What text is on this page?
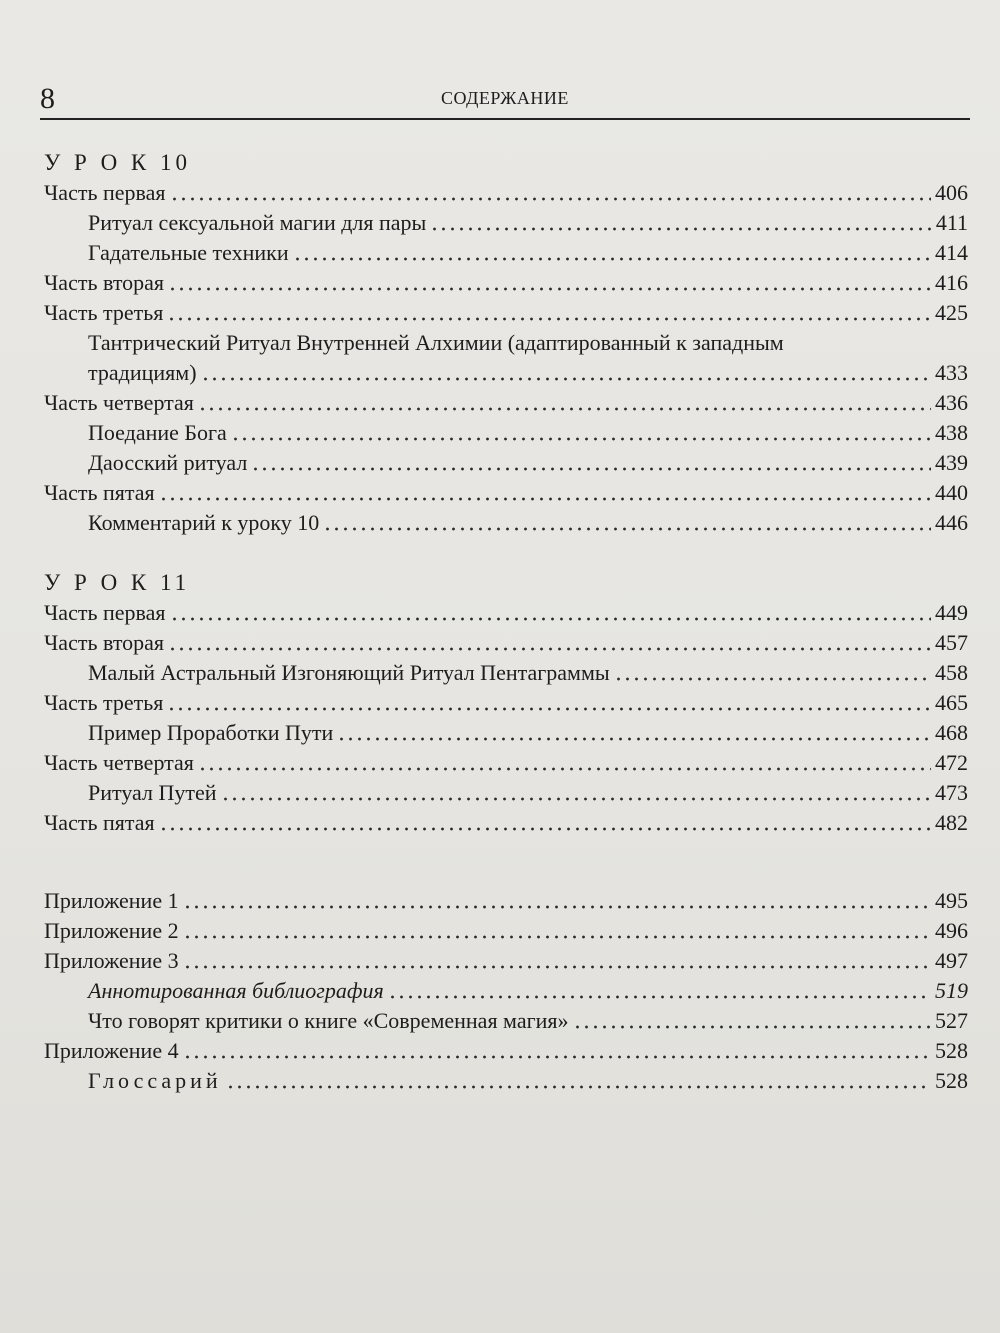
8	СОДЕРЖАНИЕ
У Р О К 10
Часть первая	406
Ритуал сексуальной магии для пары	411
Гадательные техники	414
Часть вторая	416
Часть третья	425
Тантрический Ритуал Внутренней Алхимии (адаптированный к западным
традициям)	433
Часть четвертая	436
Поедание Бога	438
Даосский ритуал	439
Часть пятая	440
Комментарий к уроку 10	446
У Р О К 11
Часть первая	449
Часть вторая	457
Малый Астральный Изгоняющий Ритуал Пентаграммы	458
Часть третья	465
Пример Проработки Пути	468
Часть четвертая	472
Ритуал Путей	473
Часть пятая	482
Приложение 1	495
Приложение 2	496
Приложение 3	497
Аннотированная библиография	519
Что говорят критики о книге «Современная магия»	527
Приложение 4	528
Глоссарий	528
